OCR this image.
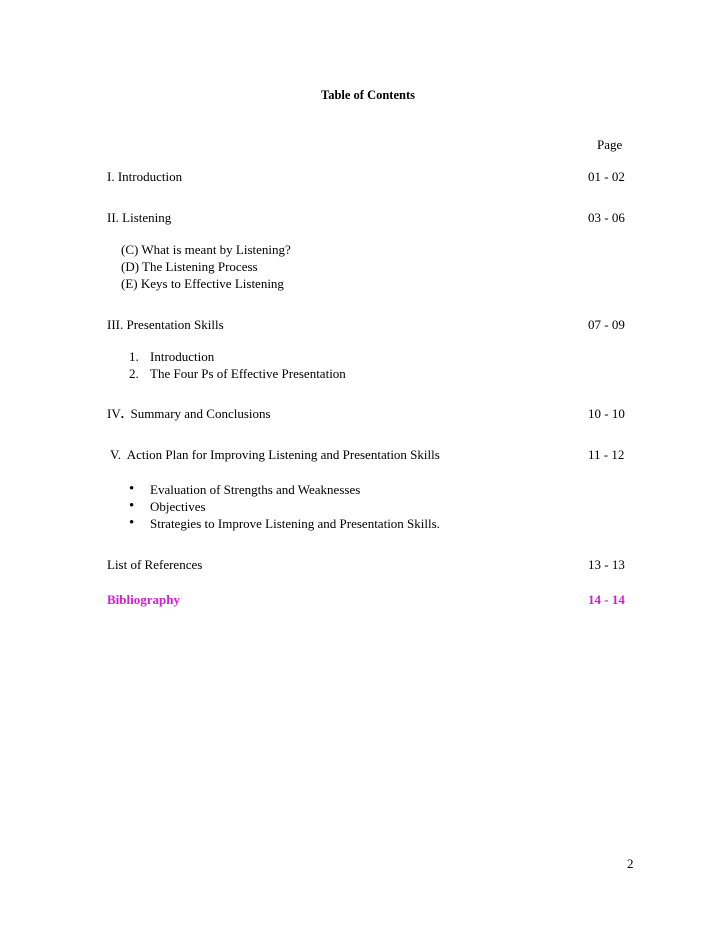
Table of Contents
Page
I. Introduction	01 - 02
II. Listening	03 - 06
(C) What is meant by Listening?
(D) The Listening Process
(E) Keys to Effective Listening
III. Presentation Skills	07 - 09
1. Introduction
2. The Four Ps of Effective Presentation
IV.  Summary and Conclusions	10 - 10
V.  Action Plan for Improving Listening and Presentation Skills	11 - 12
• Evaluation of Strengths and Weaknesses
• Objectives
• Strategies to Improve Listening and Presentation Skills.
List of References	13 - 13
Bibliography	14 - 14
2
